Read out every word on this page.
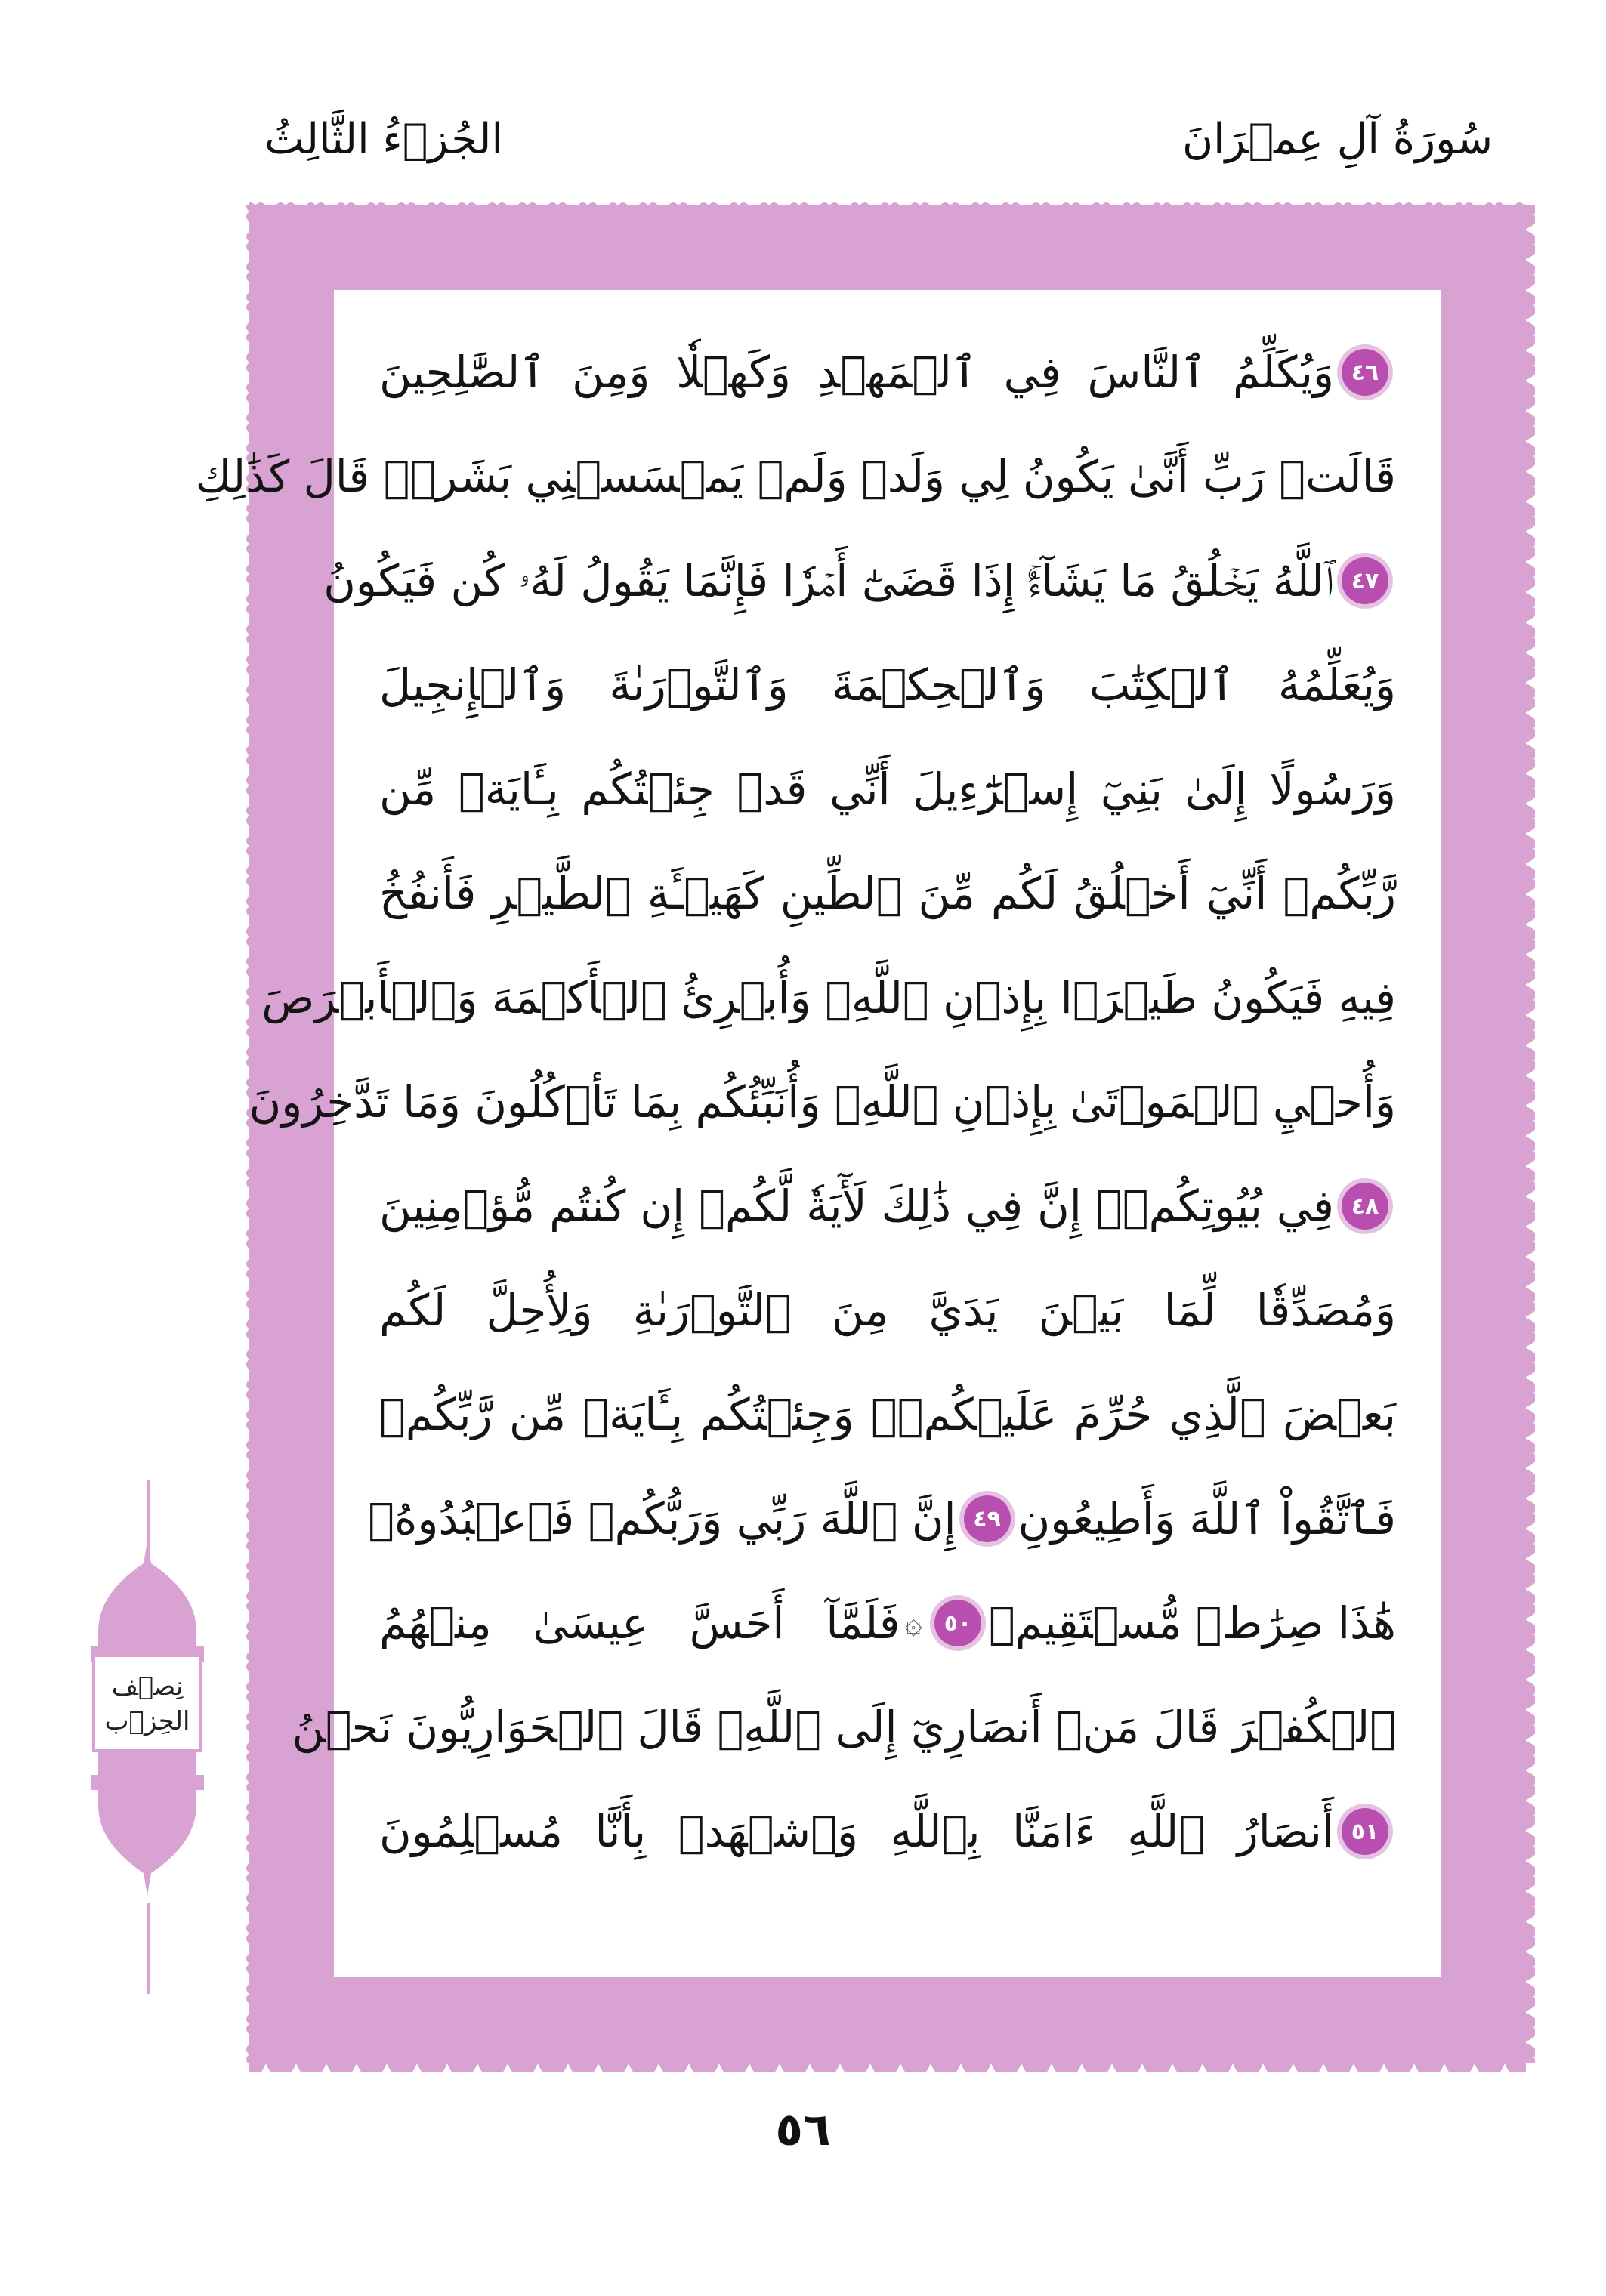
سُورَةُ آلِ عِمۡرَانَ
الجُزۡءُ الثَّالِثُ
٤٦
وَيُكَلِّمُ ٱلنَّاسَ فِي ٱلۡمَهۡدِ وَكَهۡلٗا وَمِنَ ٱلصَّٰلِحِينَ
قَالَتۡ رَبِّ أَنَّىٰ يَكُونُ لِي وَلَدٞ وَلَمۡ يَمۡسَسۡنِي بَشَرٞۖ قَالَ كَذَٰلِكِ
٤٧
ٱللَّهُ يَخۡلُقُ مَا يَشَآءُۚ إِذَا قَضَىٰٓ أَمۡرٗا فَإِنَّمَا يَقُولُ لَهُۥ كُن فَيَكُونُ
وَيُعَلِّمُهُ ٱلۡكِتَٰبَ وَٱلۡحِكۡمَةَ وَٱلتَّوۡرَىٰةَ وَٱلۡإِنجِيلَ
وَرَسُولًا إِلَىٰ بَنِيٓ إِسۡرَٰٓءِيلَ أَنِّي قَدۡ جِئۡتُكُم بِـَٔايَةٖ مِّن
رَّبِّكُمۡ أَنِّيٓ أَخۡلُقُ لَكُم مِّنَ ٱلطِّينِ كَهَيۡـَٔةِ ٱلطَّيۡرِ فَأَنفُخُ
فِيهِ فَيَكُونُ طَيۡرَۢا بِإِذۡنِ ٱللَّهِۖ وَأُبۡرِئُ ٱلۡأَكۡمَهَ وَٱلۡأَبۡرَصَ
وَأُحۡيِ ٱلۡمَوۡتَىٰ بِإِذۡنِ ٱللَّهِۖ وَأُنَبِّئُكُم بِمَا تَأۡكُلُونَ وَمَا تَدَّخِرُونَ
٤٨
فِي بُيُوتِكُمۡۚ إِنَّ فِي ذَٰلِكَ لَأٓيَةٗ لَّكُمۡ إِن كُنتُم مُّؤۡمِنِينَ
وَمُصَدِّقٗا لِّمَا بَيۡنَ يَدَيَّ مِنَ ٱلتَّوۡرَىٰةِ وَلِأُحِلَّ لَكُم
بَعۡضَ ٱلَّذِي حُرِّمَ عَلَيۡكُمۡۚ وَجِئۡتُكُم بِـَٔايَةٖ مِّن رَّبِّكُمۡ
فَٱتَّقُواْ ٱللَّهَ وَأَطِيعُونِ
٤٩
إِنَّ ٱللَّهَ رَبِّي وَرَبُّكُمۡ فَٱعۡبُدُوهُۚ
هَٰذَا صِرَٰطٞ مُّسۡتَقِيمٞ
٥٠
۞
فَلَمَّآ أَحَسَّ عِيسَىٰ مِنۡهُمُ
ٱلۡكُفۡرَ قَالَ مَنۡ أَنصَارِيٓ إِلَى ٱللَّهِۖ قَالَ ٱلۡحَوَارِيُّونَ نَحۡنُ
٥١
أَنصَارُ ٱللَّهِ ءَامَنَّا بِٱللَّهِ وَٱشۡهَدۡ بِأَنَّا مُسۡلِمُونَ
نِصۡف
الحِزۡب
٥٦
